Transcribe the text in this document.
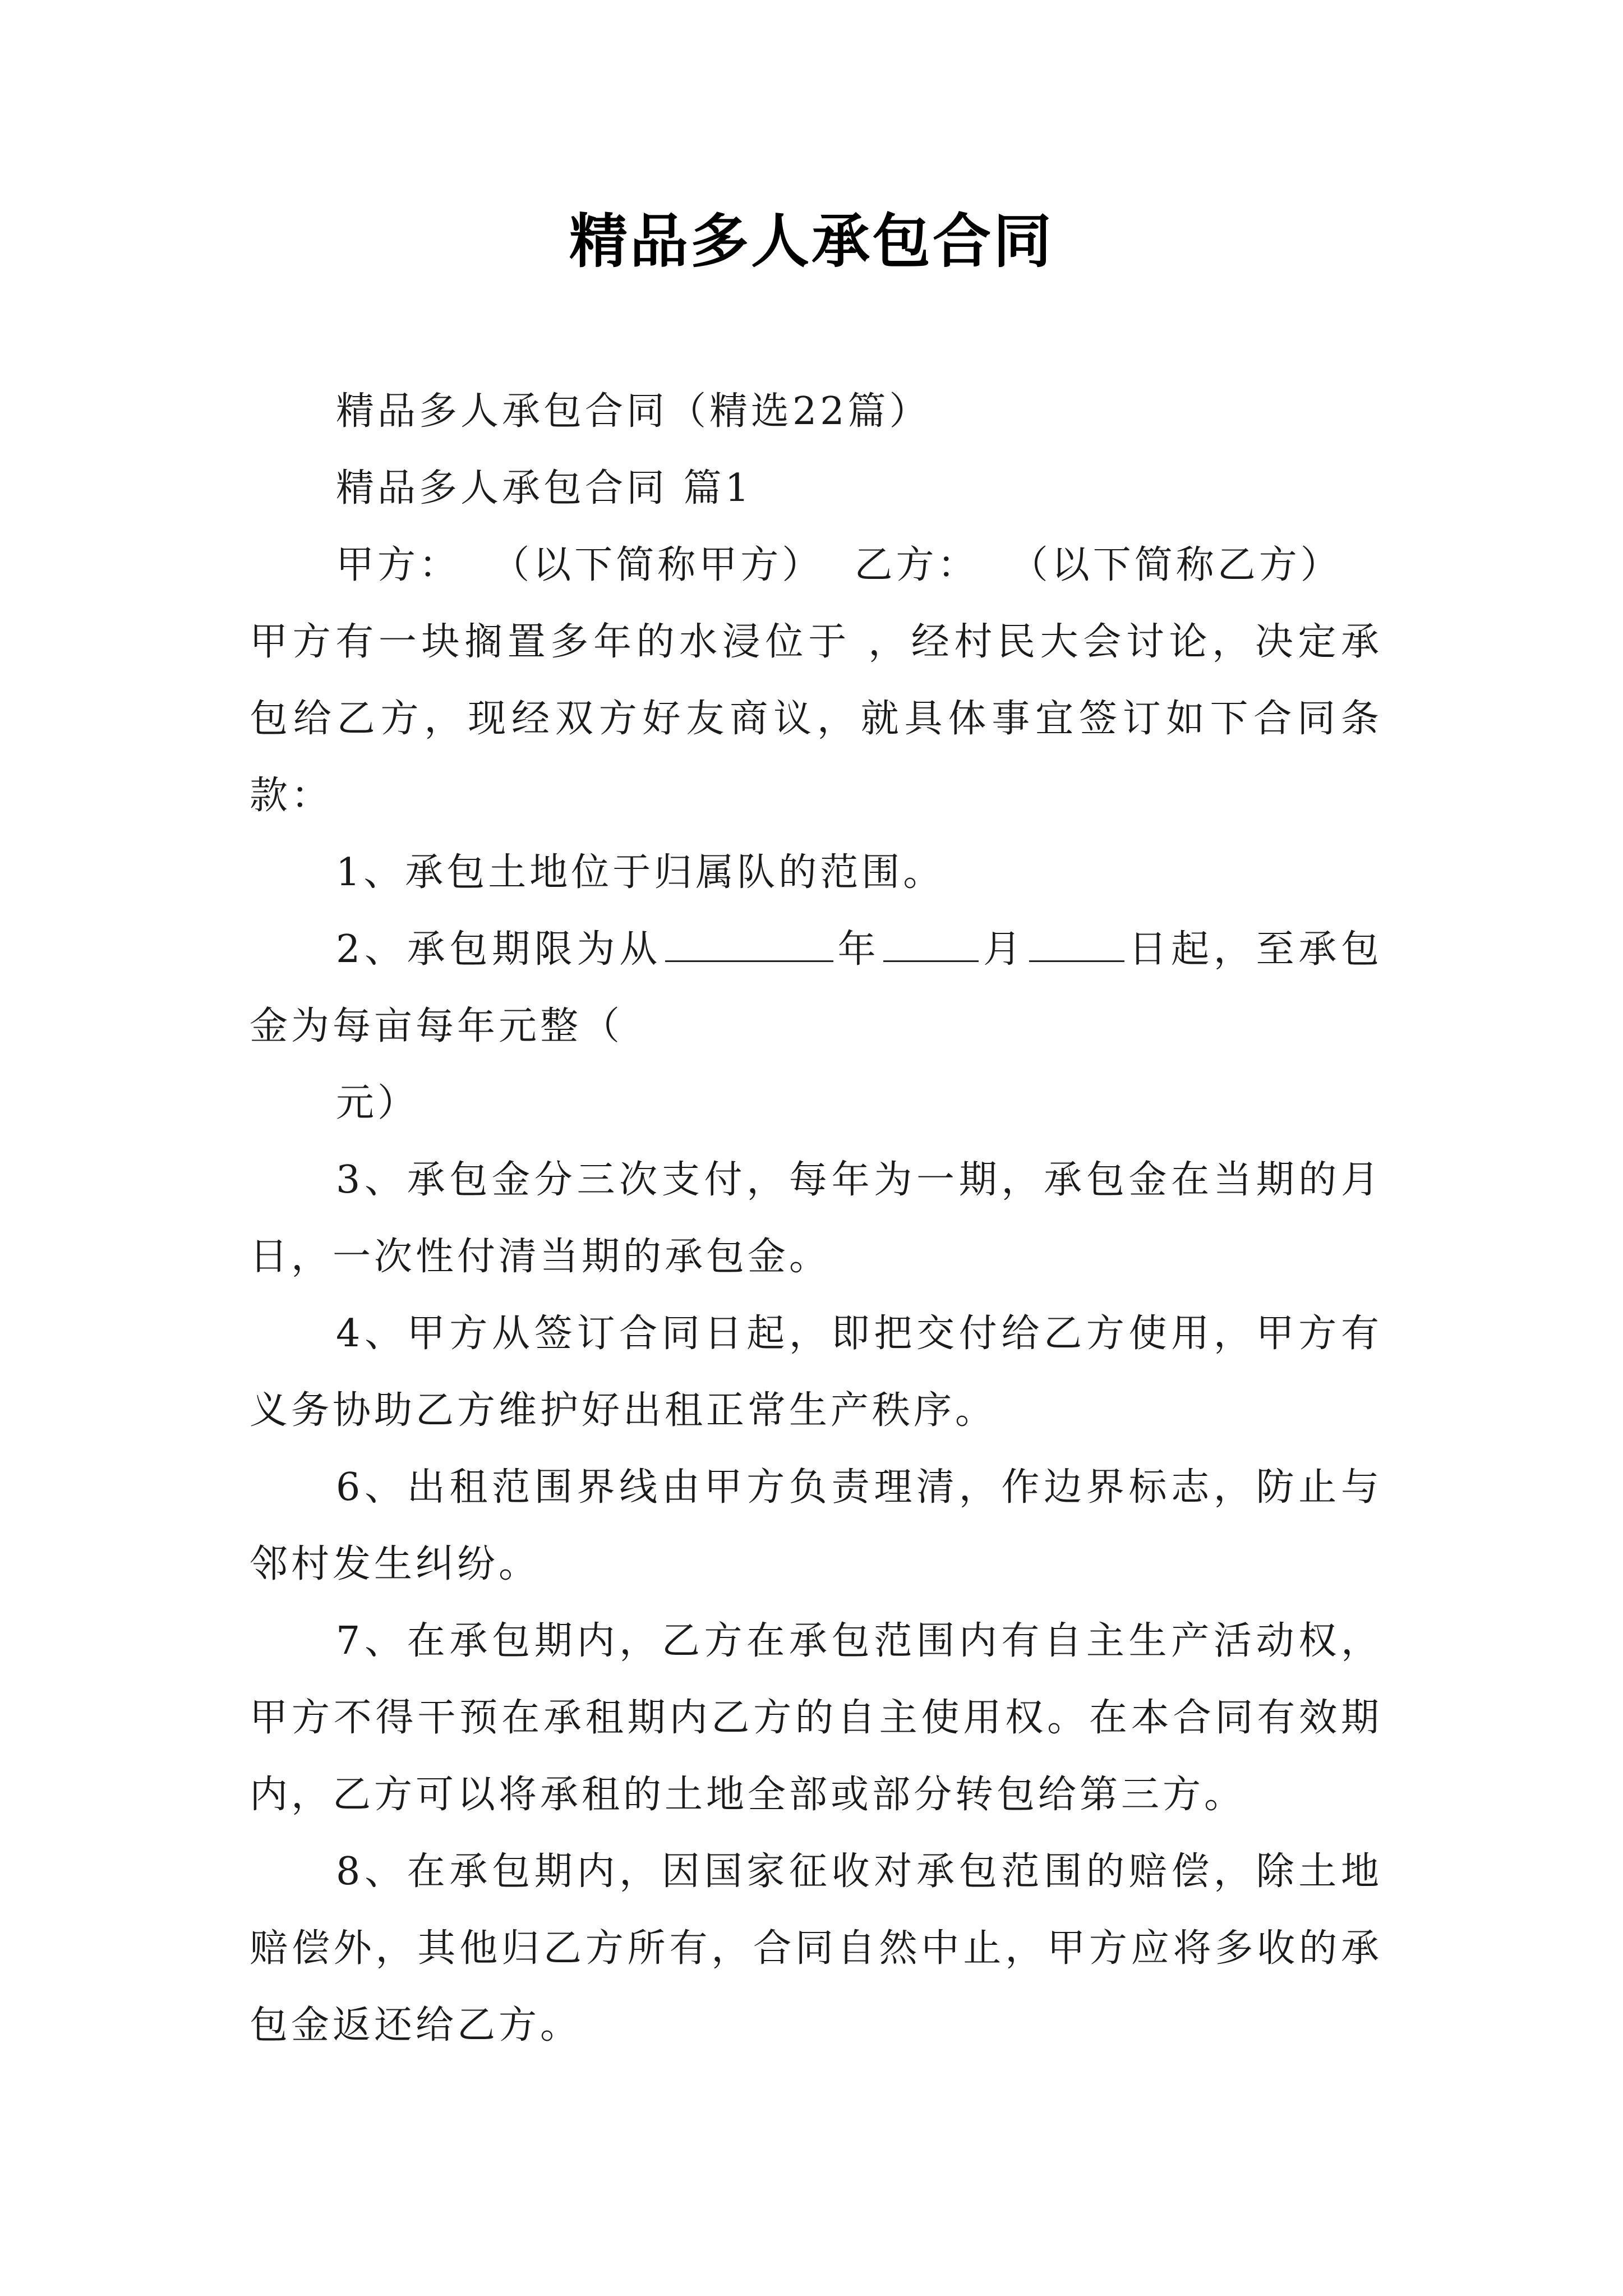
精品多人承包合同

精品多人承包合同（精选22篇）

精品多人承包合同 篇1

甲方：  （以下简称甲方）  乙方：  （以下简称乙方）

甲方有一块搁置多年的水浸位于 ，经村民大会讨论，决定承包给乙方，现经双方好友商议，就具体事宜签订如下合同条款：

1、承包土地位于归属队的范围。

2、承包期限为从	年	月	日起，至承包金为每亩每年元整（

元）

3、承包金分三次支付，每年为一期，承包金在当期的月日，一次性付清当期的承包金。

4、甲方从签订合同日起，即把交付给乙方使用，甲方有义务协助乙方维护好出租正常生产秩序。

6、出租范围界线由甲方负责理清，作边界标志，防止与邻村发生纠纷。

7、在承包期内，乙方在承包范围内有自主生产活动权，甲方不得干预在承租期内乙方的自主使用权。在本合同有效期内，乙方可以将承租的土地全部或部分转包给第三方。

8、在承包期内，因国家征收对承包范围的赔偿，除土地赔偿外，其他归乙方所有，合同自然中止，甲方应将多收的承包金返还给乙方。
